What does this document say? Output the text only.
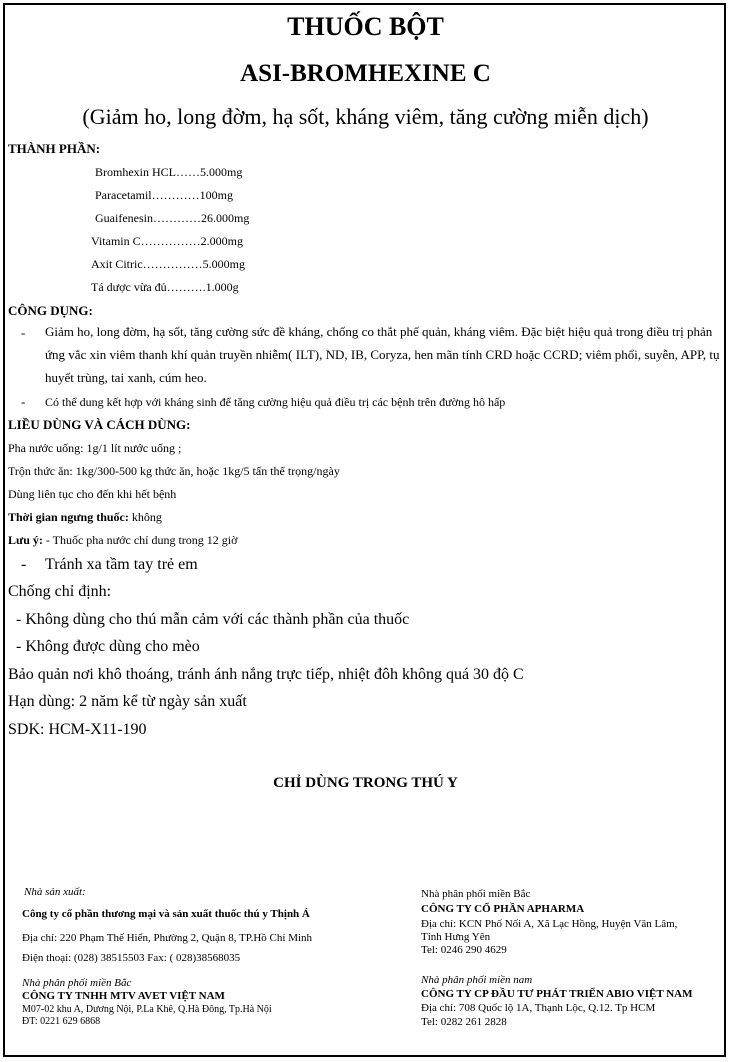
THUỐC BỘT
ASI-BROMHEXINE C
(Giảm ho, long đờm, hạ sốt, kháng viêm, tăng cường miễn dịch)
THÀNH PHẦN:
Bromhexin HCL……5.000mg
Paracetamil…………100mg
Guaifenesin…………26.000mg
Vitamin C……………2.000mg
Axit Citric……………5.000mg
Tá dược vừa đủ……….1.000g
CÔNG DỤNG:
- Giảm ho, long đờm, hạ sốt, tăng cường sức đề kháng, chống co thắt phế quản, kháng viêm. Đặc biệt hiệu quả trong điều trị phản ứng vắc xin viêm thanh khí quản truyền nhiễm( ILT), ND, IB, Coryza, hen mãn tính CRD hoặc CCRD; viêm phổi, suyễn, APP, tụ huyết trùng, tai xanh, cúm heo.
- Có thể dung kết hợp với kháng sinh để tăng cường hiệu quả điều trị các bệnh trên đường hô hấp
LIỀU DÙNG VÀ CÁCH DÙNG:
Pha nước uống: 1g/1 lít nước uống ;
Trộn thức ăn: 1kg/300-500 kg thức ăn, hoặc 1kg/5 tấn thể trọng/ngày
Dùng liên tục cho đến khi hết bệnh
Thời gian ngưng thuốc: không
Lưu ý: - Thuốc pha nước chỉ dung trong 12 giờ
- Tránh xa tầm tay trẻ em
Chống chỉ định:
- Không dùng cho thú mẫn cảm với các thành phần của thuốc
- Không được dùng cho mèo
Bảo quản nơi khô thoáng, tránh ánh nắng trực tiếp, nhiệt đôh không quá 30 độ C
Hạn dùng: 2 năm kể từ ngày sản xuất
SDK: HCM-X11-190
CHỈ DÙNG TRONG THÚ Y
Nhà sản xuất:
Công ty cổ phần thương mại và sản xuất thuốc thú y Thịnh Á
Địa chỉ: 220 Phạm Thế Hiển, Phường 2, Quận 8, TP.Hồ Chí Minh
Điện thoại: (028) 38515503 Fax: ( 028)38568035
Nhà phân phối miền Bắc
CÔNG TY TNHH MTV AVET VIỆT NAM
M07-02 khu A, Dương Nội, P.La Khê, Q.Hà Đông, Tp.Hà Nội
ĐT: 0221 629 6868
Nhà phân phối miền Bắc
CÔNG TY CỔ PHẦN APHARMA
Địa chỉ: KCN Phố Nối A, Xã Lạc Hồng, Huyện Văn Lâm,
Tỉnh Hưng Yên
Tel: 0246 290 4629
Nhà phân phối miền nam
CÔNG TY CP ĐẦU TƯ PHÁT TRIỂN ABIO VIỆT NAM
Địa chỉ: 708 Quốc lộ 1A, Thạnh Lộc, Q.12. Tp HCM
Tel: 0282 261 2828
